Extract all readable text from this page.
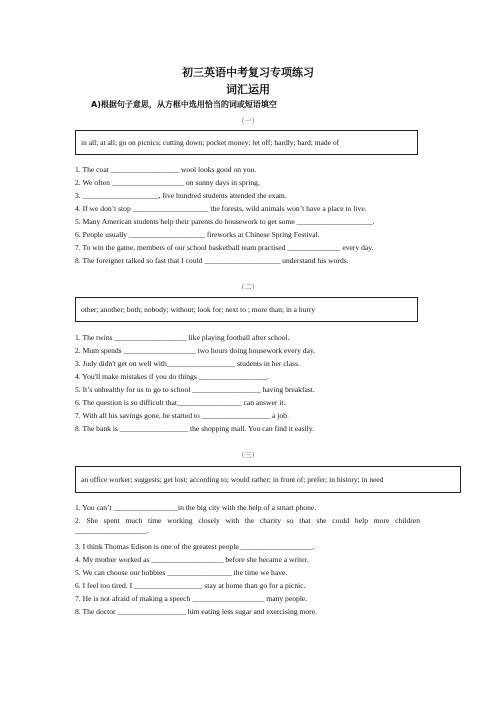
初三英语中考复习专项练习
词汇运用
A)根据句子意思，从方框中选用恰当的词或短语填空
（一）
in all; at all; go on picnics; cutting down; pocket money; let off; hardly; hard; made of
1. The coat __________________ wool looks good on you.
2. We often ___________________ on sunny days in spring.
3. ____________________, five hundred students attended the exam.
4. If we don’t stop ____________________ the forests, wild animals won’t have a place to live.
5. Many American students help their parents do housework to get some ____________________.
6. People usually ____________________ fireworks at Chinese Spring Festival.
7. To win the game, members of our school basketball team practised ______________ every day.
8. The foreigner talked so fast that I could ____________________ understand his words.
（二）
other; another; both; nobody; without; look for; next to ; more than; in a hurry
1. The twins ___________________ like playing football after school.
2. Mum spends ___________________ two hours doing housework every day.
3. Judy didn't get on well with__________________ students in her class.
4. You'll make mistakes if you do things __________________.
5. It’s unhealthy for us to go to school __________________ having breakfast.
6. The question is so difficult that_________________ can answer it.
7. With all his savings gone, he started to __________________ a job.
8. The bank is __________________ the shopping mall. You can find it easily.
（三）
an office worker; suggests; get lost; according to; would rather; in front of; prefer; in history; in need
1. You can’t _________________in the big city with the help of a smart phone.
2. She spent much time working closely with the charity so that she could help more children ___________________.
3. I think Thomas Edison is one of the greatest people ___________________.
4. My mother worked as ___________________ before she became a writer.
5. We can choose our hobbies _________________ the time we have.
6. I feel too tired. I __________________ stay at home than go for a picnic.
7. He is not afraid of making a speech ___________________ many people.
8. The doctor __________________ him eating less sugar and exercising more.
